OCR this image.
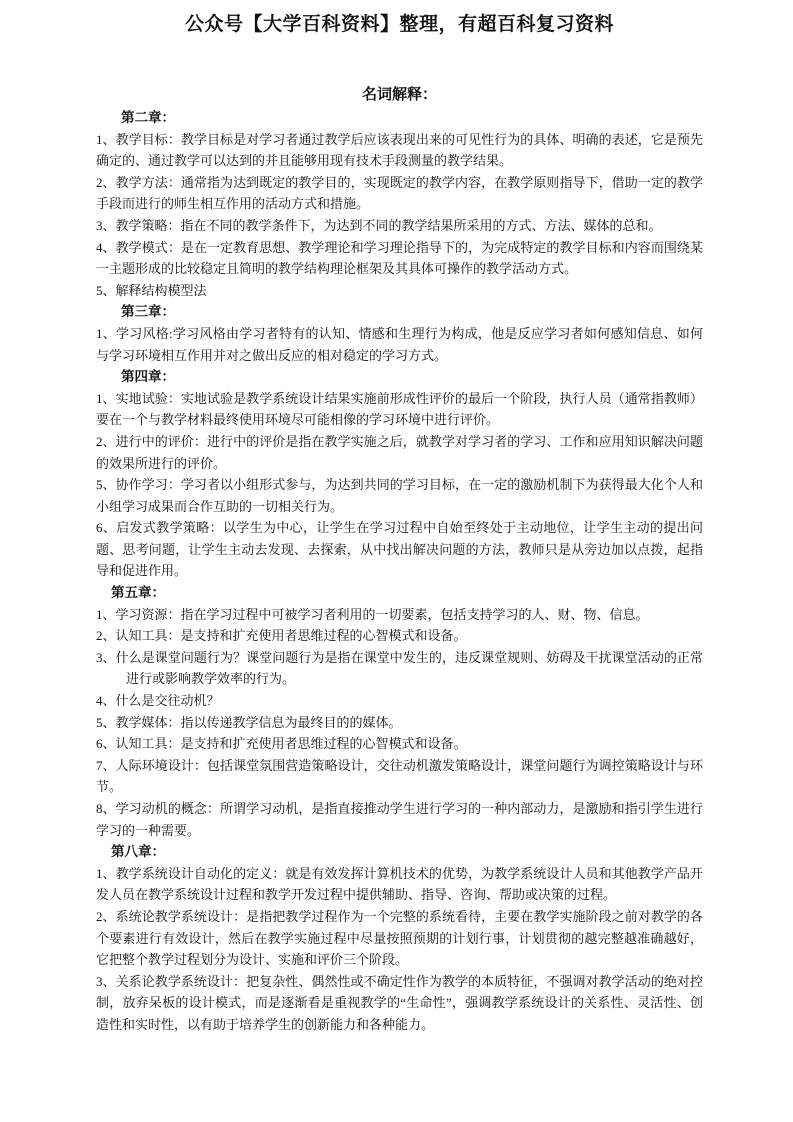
公众号【大学百科资料】整理，有超百科复习资料
名词解释：
第二章：

1、教学目标：教学目标是对学习者通过教学后应该表现出来的可见性行为的具体、明确的表述，它是预先确定的、通过教学可以达到的并且能够用现有技术手段测量的教学结果。

2、教学方法：通常指为达到既定的教学目的，实现既定的教学内容，在教学原则指导下，借助一定的教学手段而进行的师生相互作用的活动方式和措施。

3、教学策略：指在不同的教学条件下，为达到不同的教学结果所采用的方式、方法、媒体的总和。

4、教学模式：是在一定教育思想、教学理论和学习理论指导下的，为完成特定的教学目标和内容而围绕某一主题形成的比较稳定且简明的教学结构理论框架及其具体可操作的教学活动方式。

5、解释结构模型法

第三章：

1、学习风格:学习风格由学习者特有的认知、情感和生理行为构成，他是反应学习者如何感知信息、如何与学习环境相互作用并对之做出反应的相对稳定的学习方式。

第四章：

1、实地试验：实地试验是教学系统设计结果实施前形成性评价的最后一个阶段，执行人员（通常指教师）要在一个与教学材料最终使用环境尽可能相像的学习环境中进行评价。

2、进行中的评价：进行中的评价是指在教学实施之后，就教学对学习者的学习、工作和应用知识解决问题的效果所进行的评价。

5、协作学习：学习者以小组形式参与，为达到共同的学习目标，在一定的激励机制下为获得最大化个人和小组学习成果而合作互助的一切相关行为。

6、启发式教学策略：以学生为中心，让学生在学习过程中自始至终处于主动地位，让学生主动的提出问题、思考问题，让学生主动去发现、去探索，从中找出解决问题的方法，教师只是从旁边加以点拨，起指导和促进作用。

第五章：

1、学习资源：指在学习过程中可被学习者利用的一切要素，包括支持学习的人、财、物、信息。

2、认知工具：是支持和扩充使用者思维过程的心智模式和设备。

3、什么是课堂问题行为？课堂问题行为是指在课堂中发生的，违反课堂规则、妨碍及干扰课堂活动的正常进行或影响教学效率的行为。

4、什么是交往动机？

5、教学媒体：指以传递教学信息为最终目的的媒体。

6、认知工具：是支持和扩充使用者思维过程的心智模式和设备。

7、人际环境设计：包括课堂氛围营造策略设计，交往动机激发策略设计，课堂问题行为调控策略设计与环节。

8、学习动机的概念：所谓学习动机，是指直接推动学生进行学习的一种内部动力，是激励和指引学生进行学习的一种需要。

第八章：

1、教学系统设计自动化的定义：就是有效发挥计算机技术的优势，为教学系统设计人员和其他教学产品开发人员在教学系统设计过程和教学开发过程中提供辅助、指导、咨询、帮助或决策的过程。

2、系统论教学系统设计：是指把教学过程作为一个完整的系统看待，主要在教学实施阶段之前对教学的各个要素进行有效设计，然后在教学实施过程中尽量按照预期的计划行事，计划贯彻的越完整越准确越好，它把整个教学过程划分为设计、实施和评价三个阶段。

3、关系论教学系统设计：把复杂性、偶然性或不确定性作为教学的本质特征，不强调对教学活动的绝对控制，放弃呆板的设计模式，而是逐渐看是重视教学的“生命性”，强调教学系统设计的关系性、灵活性、创造性和实时性，以有助于培养学生的创新能力和各种能力。
